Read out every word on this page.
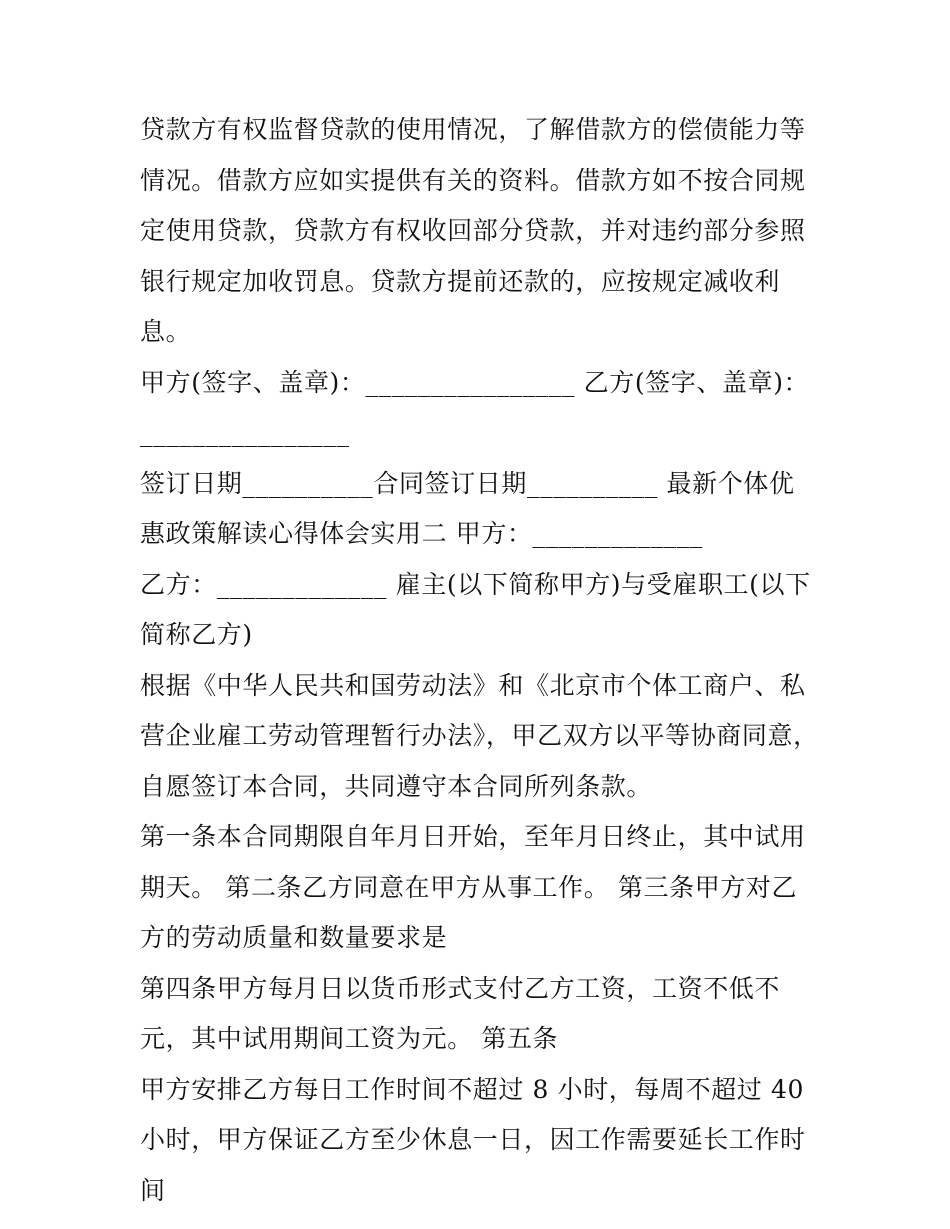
贷款方有权监督贷款的使用情况，了解借款方的偿债能力等情况。借款方应如实提供有关的资料。借款方如不按合同规定使用贷款，贷款方有权收回部分贷款，并对违约部分参照银行规定加收罚息。贷款方提前还款的，应按规定减收利息。

甲方(签字、盖章)：________________ 乙方(签字、盖章)：________________

签订日期__________合同签订日期__________ 最新个体优惠政策解读心得体会实用二 甲方：_____________

乙方：_____________ 雇主(以下简称甲方)与受雇职工(以下简称乙方)

根据《中华人民共和国劳动法》和《北京市个体工商户、私营企业雇工劳动管理暂行办法》，甲乙双方以平等协商同意，自愿签订本合同，共同遵守本合同所列条款。

第一条本合同期限自年月日开始，至年月日终止，其中试用期天。 第二条乙方同意在甲方从事工作。 第三条甲方对乙方的劳动质量和数量要求是

第四条甲方每月日以货币形式支付乙方工资，工资不低不元，其中试用期间工资为元。 第五条

甲方安排乙方每日工作时间不超过 8 小时，每周不超过 40 小时，甲方保证乙方至少休息一日，因工作需要延长工作时间
